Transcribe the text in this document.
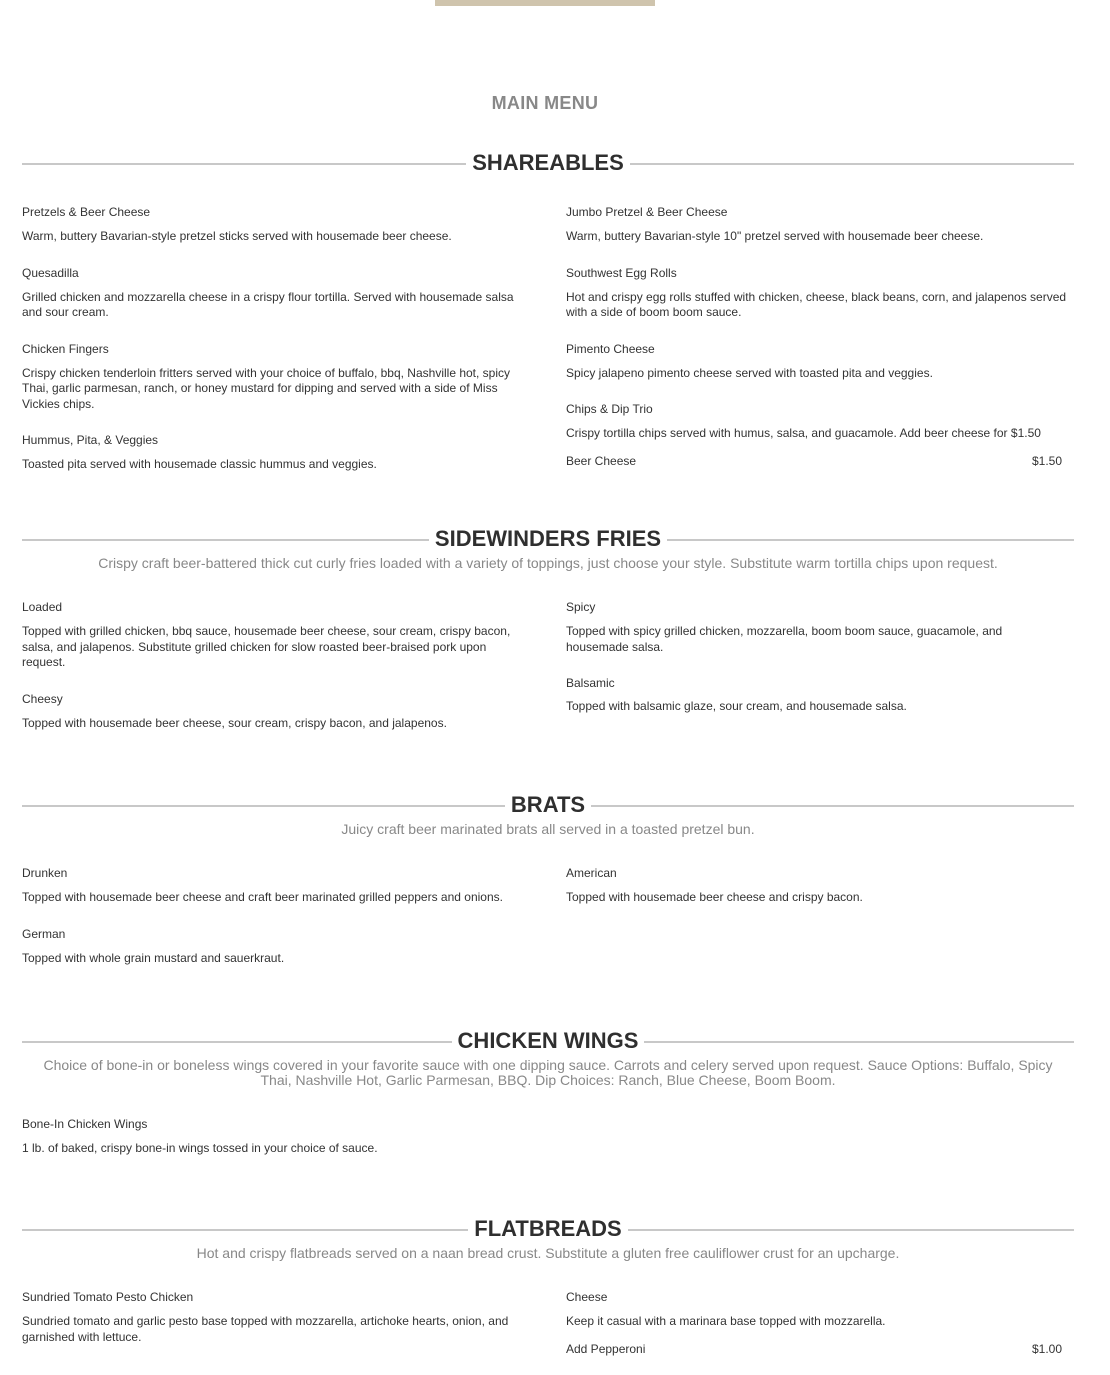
MAIN MENU
SHAREABLES
Pretzels & Beer Cheese
Warm, buttery Bavarian-style pretzel sticks served with housemade beer cheese.
Quesadilla
Grilled chicken and mozzarella cheese in a crispy flour tortilla. Served with housemade salsa and sour cream.
Chicken Fingers
Crispy chicken tenderloin fritters served with your choice of buffalo, bbq, Nashville hot, spicy Thai, garlic parmesan, ranch, or honey mustard for dipping and served with a side of Miss Vickies chips.
Hummus, Pita, & Veggies
Toasted pita served with housemade classic hummus and veggies.
Jumbo Pretzel & Beer Cheese
Warm, buttery Bavarian-style 10" pretzel served with housemade beer cheese.
Southwest Egg Rolls
Hot and crispy egg rolls stuffed with chicken, cheese, black beans, corn, and jalapenos served with a side of boom boom sauce.
Pimento Cheese
Spicy jalapeno pimento cheese served with toasted pita and veggies.
Chips & Dip Trio
Crispy tortilla chips served with humus, salsa, and guacamole. Add beer cheese for $1.50
Beer Cheese	$1.50
SIDEWINDERS FRIES
Crispy craft beer-battered thick cut curly fries loaded with a variety of toppings, just choose your style. Substitute warm tortilla chips upon request.
Loaded
Topped with grilled chicken, bbq sauce, housemade beer cheese, sour cream, crispy bacon, salsa, and jalapenos. Substitute grilled chicken for slow roasted beer-braised pork upon request.
Cheesy
Topped with housemade beer cheese, sour cream, crispy bacon, and jalapenos.
Spicy
Topped with spicy grilled chicken, mozzarella, boom boom sauce, guacamole, and housemade salsa.
Balsamic
Topped with balsamic glaze, sour cream, and housemade salsa.
BRATS
Juicy craft beer marinated brats all served in a toasted pretzel bun.
Drunken
Topped with housemade beer cheese and craft beer marinated grilled peppers and onions.
German
Topped with whole grain mustard and sauerkraut.
American
Topped with housemade beer cheese and crispy bacon.
CHICKEN WINGS
Choice of bone-in or boneless wings covered in your favorite sauce with one dipping sauce. Carrots and celery served upon request. Sauce Options: Buffalo, Spicy Thai, Nashville Hot, Garlic Parmesan, BBQ. Dip Choices: Ranch, Blue Cheese, Boom Boom.
Bone-In Chicken Wings
1 lb. of baked, crispy bone-in wings tossed in your choice of sauce.
FLATBREADS
Hot and crispy flatbreads served on a naan bread crust. Substitute a gluten free cauliflower crust for an upcharge.
Sundried Tomato Pesto Chicken
Sundried tomato and garlic pesto base topped with mozzarella, artichoke hearts, onion, and garnished with lettuce.
Cheese
Keep it casual with a marinara base topped with mozzarella.
Add Pepperoni	$1.00
